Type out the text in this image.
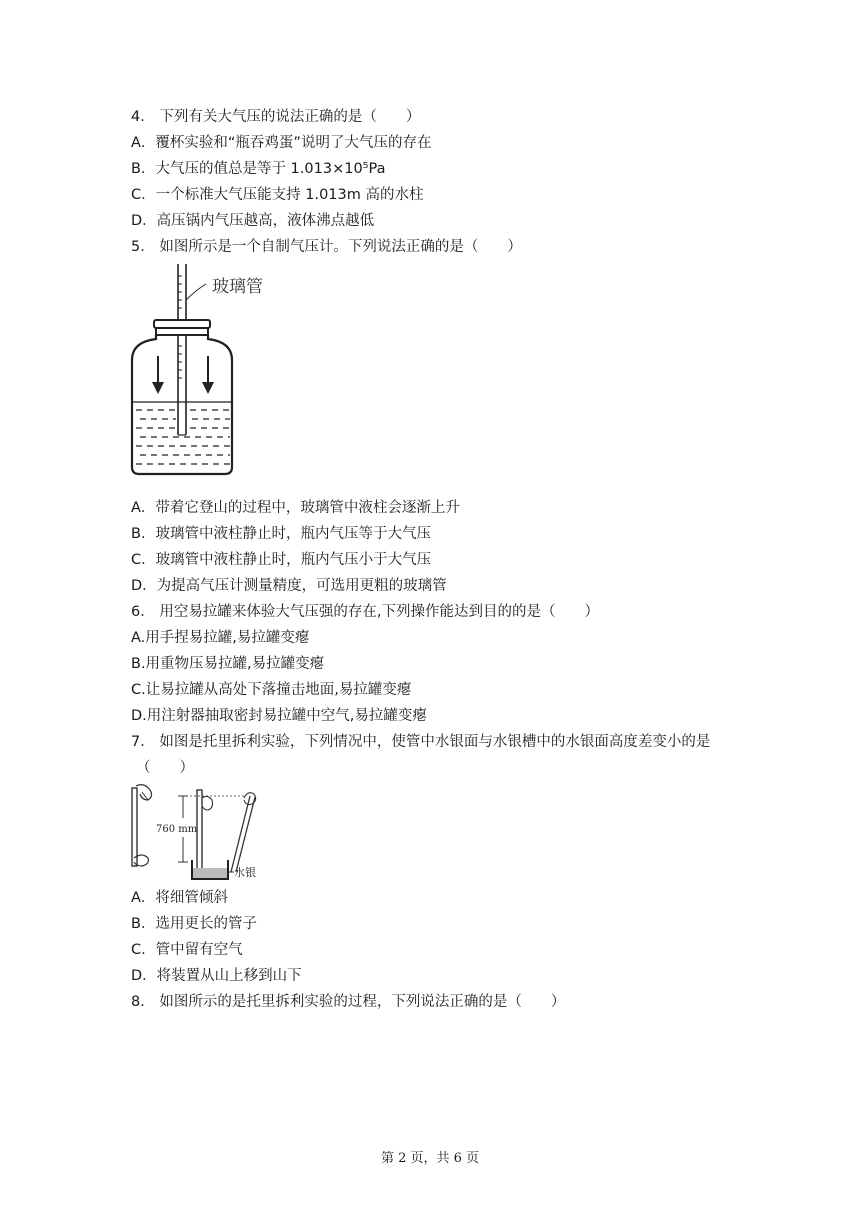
4． 下列有关大气压的说法正确的是（　　）
A．覆杯实验和“瓶吞鸡蛋”说明了大气压的存在
B．大气压的值总是等于 1.013×10⁵Pa
C．一个标准大气压能支持 1.013m 高的水柱
D．高压锅内气压越高，液体沸点越低
5． 如图所示是一个自制气压计。下列说法正确的是（　　）
玻璃管
A．带着它登山的过程中，玻璃管中液柱会逐渐上升
B．玻璃管中液柱静止时，瓶内气压等于大气压
C．玻璃管中液柱静止时，瓶内气压小于大气压
D．为提高气压计测量精度，可选用更粗的玻璃管
6． 用空易拉罐来体验大气压强的存在,下列操作能达到目的的是（　　）
A.用手捏易拉罐,易拉罐变瘪
B.用重物压易拉罐,易拉罐变瘪
C.让易拉罐从高处下落撞击地面,易拉罐变瘪
D.用注射器抽取密封易拉罐中空气,易拉罐变瘪
7． 如图是托里拆利实验，下列情况中，使管中水银面与水银槽中的水银面高度差变小的是
（　　）
760 mm
水银
A．将细管倾斜
B．选用更长的管子
C．管中留有空气
D．将装置从山上移到山下
8． 如图所示的是托里拆利实验的过程，下列说法正确的是（　　）
第 2 页，共 6 页
